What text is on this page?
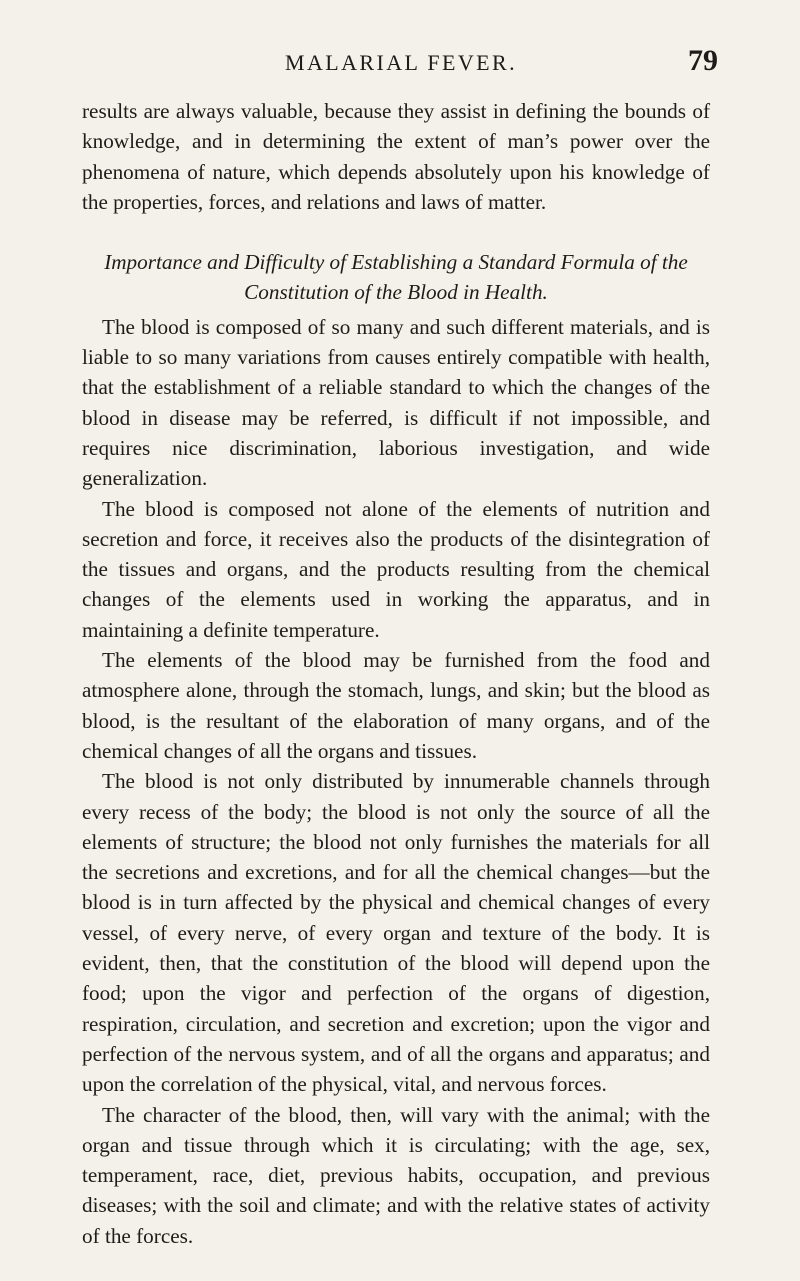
MALARIAL FEVER.	79

results are always valuable, because they assist in defining the bounds of knowledge, and in determining the extent of man’s power over the phenomena of nature, which depends absolutely upon his knowledge of the properties, forces, and relations and laws of matter.

Importance and Difficulty of Establishing a Standard Formula of the Constitution of the Blood in Health.

The blood is composed of so many and such different materials, and is liable to so many variations from causes entirely compatible with health, that the establishment of a reliable standard to which the changes of the blood in disease may be referred, is difficult if not impossible, and requires nice discrimination, laborious investigation, and wide generalization.

The blood is composed not alone of the elements of nutrition and secretion and force, it receives also the products of the disintegration of the tissues and organs, and the products resulting from the chemical changes of the elements used in working the apparatus, and in maintaining a definite temperature.

The elements of the blood may be furnished from the food and atmosphere alone, through the stomach, lungs, and skin; but the blood as blood, is the resultant of the elaboration of many organs, and of the chemical changes of all the organs and tissues.

The blood is not only distributed by innumerable channels through every recess of the body; the blood is not only the source of all the elements of structure; the blood not only furnishes the materials for all the secretions and excretions, and for all the chemical changes—but the blood is in turn affected by the physical and chemical changes of every vessel, of every nerve, of every organ and texture of the body. It is evident, then, that the constitution of the blood will depend upon the food; upon the vigor and perfection of the organs of digestion, respiration, circulation, and secretion and excretion; upon the vigor and perfection of the nervous system, and of all the organs and apparatus; and upon the correlation of the physical, vital, and nervous forces.

The character of the blood, then, will vary with the animal; with the organ and tissue through which it is circulating; with the age, sex, temperament, race, diet, previous habits, occupation, and previous diseases; with the soil and climate; and with the relative states of activity of the forces.
